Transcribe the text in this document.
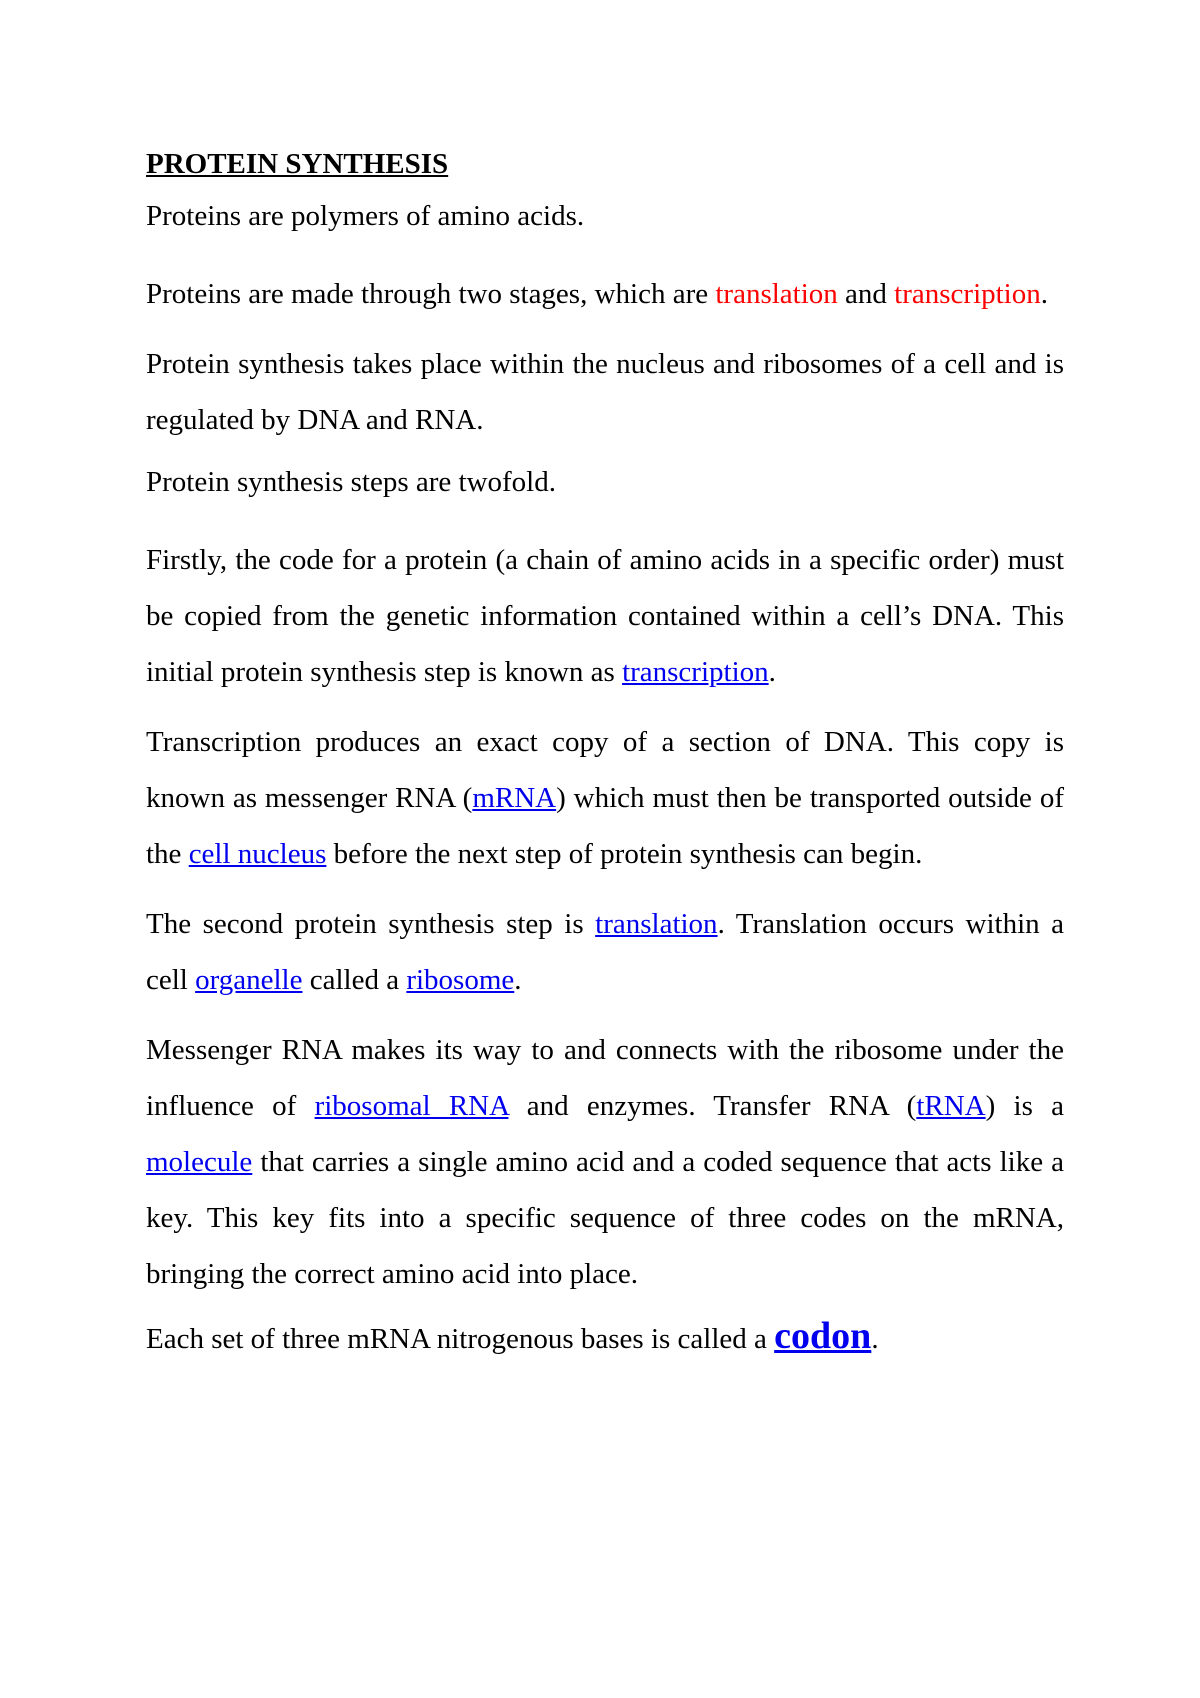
PROTEIN SYNTHESIS

Proteins are polymers of amino acids.

Proteins are made through two stages, which are translation and transcription.

Protein synthesis takes place within the nucleus and ribosomes of a cell and is regulated by DNA and RNA.

Protein synthesis steps are twofold.

Firstly, the code for a protein (a chain of amino acids in a specific order) must be copied from the genetic information contained within a cell’s DNA. This initial protein synthesis step is known as transcription.

Transcription produces an exact copy of a section of DNA. This copy is known as messenger RNA (mRNA) which must then be transported outside of the cell nucleus before the next step of protein synthesis can begin.

The second protein synthesis step is translation. Translation occurs within a cell organelle called a ribosome.

Messenger RNA makes its way to and connects with the ribosome under the influence of ribosomal RNA and enzymes. Transfer RNA (tRNA) is a molecule that carries a single amino acid and a coded sequence that acts like a key. This key fits into a specific sequence of three codes on the mRNA, bringing the correct amino acid into place.

Each set of three mRNA nitrogenous bases is called a codon.
